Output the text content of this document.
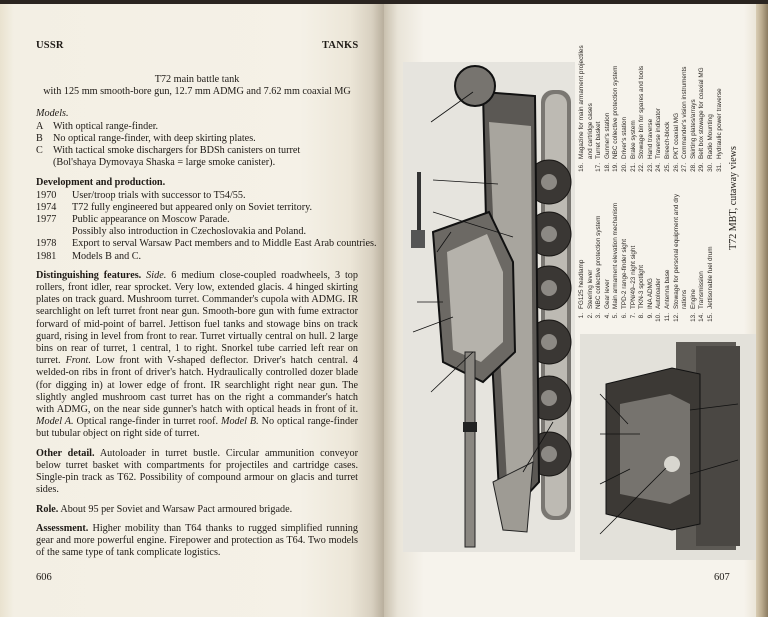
USSR	TANKS

T72 main battle tank

with 125 mm smooth-bore gun, 12.7 mm ADMG and 7.62 mm coaxial MG

Models.

A With optical range-finder.
B	No optical range-finder, with deep skirting plates.
C	With tactical smoke dischargers for BDSh canisters on turret
(Bol'shaya Dymovaya Shaska = large smoke canister).

Development and production.

1970	User/troop trials with successor to T54/55.
1974	T72 fully engineered but appeared only on Soviet territory.
1977	Public appearance on Moscow Parade.
Possibly also introduction in Czechoslovakia and Poland.
1978	Export to serval Warsaw Pact members and to Middle East Arab countries.
1981	Models B and C.

Distinguishing features. Side. 6 medium close-coupled roadwheels, 3 top rollers, front idler, rear sprocket. Very low, extended glacis. 4 hinged skirting plates on track guard. Mushroom turret. Commander's cupola with ADMG. IR searchlight on left turret front near gun. Smooth-bore gun with fume extractor forward of mid-point of barrel. Jettison fuel tanks and stowage bins on track guard, rising in level from front to rear. Turret virtually central on hull. 2 large bins on rear of turret, 1 central, 1 to right. Snorkel tube carried left rear on turret. Front. Low front with V-shaped deflector. Driver's hatch central. 4 welded-on ribs in front of driver's hatch. Hydraulically controlled dozer blade (for digging in) at lower edge of front. IR searchlight right near gun. The slightly angled mushroom cast turret has on the right a commander's hatch with ADMG, on the near side gunner's hatch with optical heads in front of it. Model A. Optical range-finder in turret roof. Model B. No optical range-finder but tubular object on right side of turret.

Other detail. Autoloader in turret bustle. Circular ammunition conveyor below turret basket with compartments for projectiles and cartridge cases. Single-pin track as T62. Possibility of compound armour on glacis and turret sides.

Role. About 95 per Soviet and Warsaw Pact armoured brigade.

Assessment. Higher mobility than T64 thanks to rugged simplified running gear and more powerful engine. Firepower and protection as T64. Two models of the same type of tank complicate logistics.

606
1.
FG125 headlamp
2.
Steering lever
3.
NBC collective protection system
4.
Gear lever
5.
Main armament elevation mechanism
6.
TPD-2 range-finder sight
7.
TPN/49–23 night sight
8.
TKN-3 spotlight
9.
INA ADMG
10.
Autoloader
11.
Antenna base
12.
Stowage for personal equipment and dry rations
13.
Engine
14.
Transmission
15.
Jettisonable fuel drum
16.
Magazine for main armament projectiles and cartridge cases
17.
Turret basket
18.
Gunner's station
19.
NBC collective protection system
20.
Driver's station
21.
Brake system
22.
Stowage bin for spares and tools
23.
Hand traverse
24.
Traverse indicator
25.
Breech-block
26.
PKT coaxial MG
27.
Commander's vision instruments
28.
Skirting plates/arrays
29.
Belt box stowage for coaxial MG
30.
Radio Mounting
31.
Hydraulic power traverse
T72 MBT, cutaway views
607
